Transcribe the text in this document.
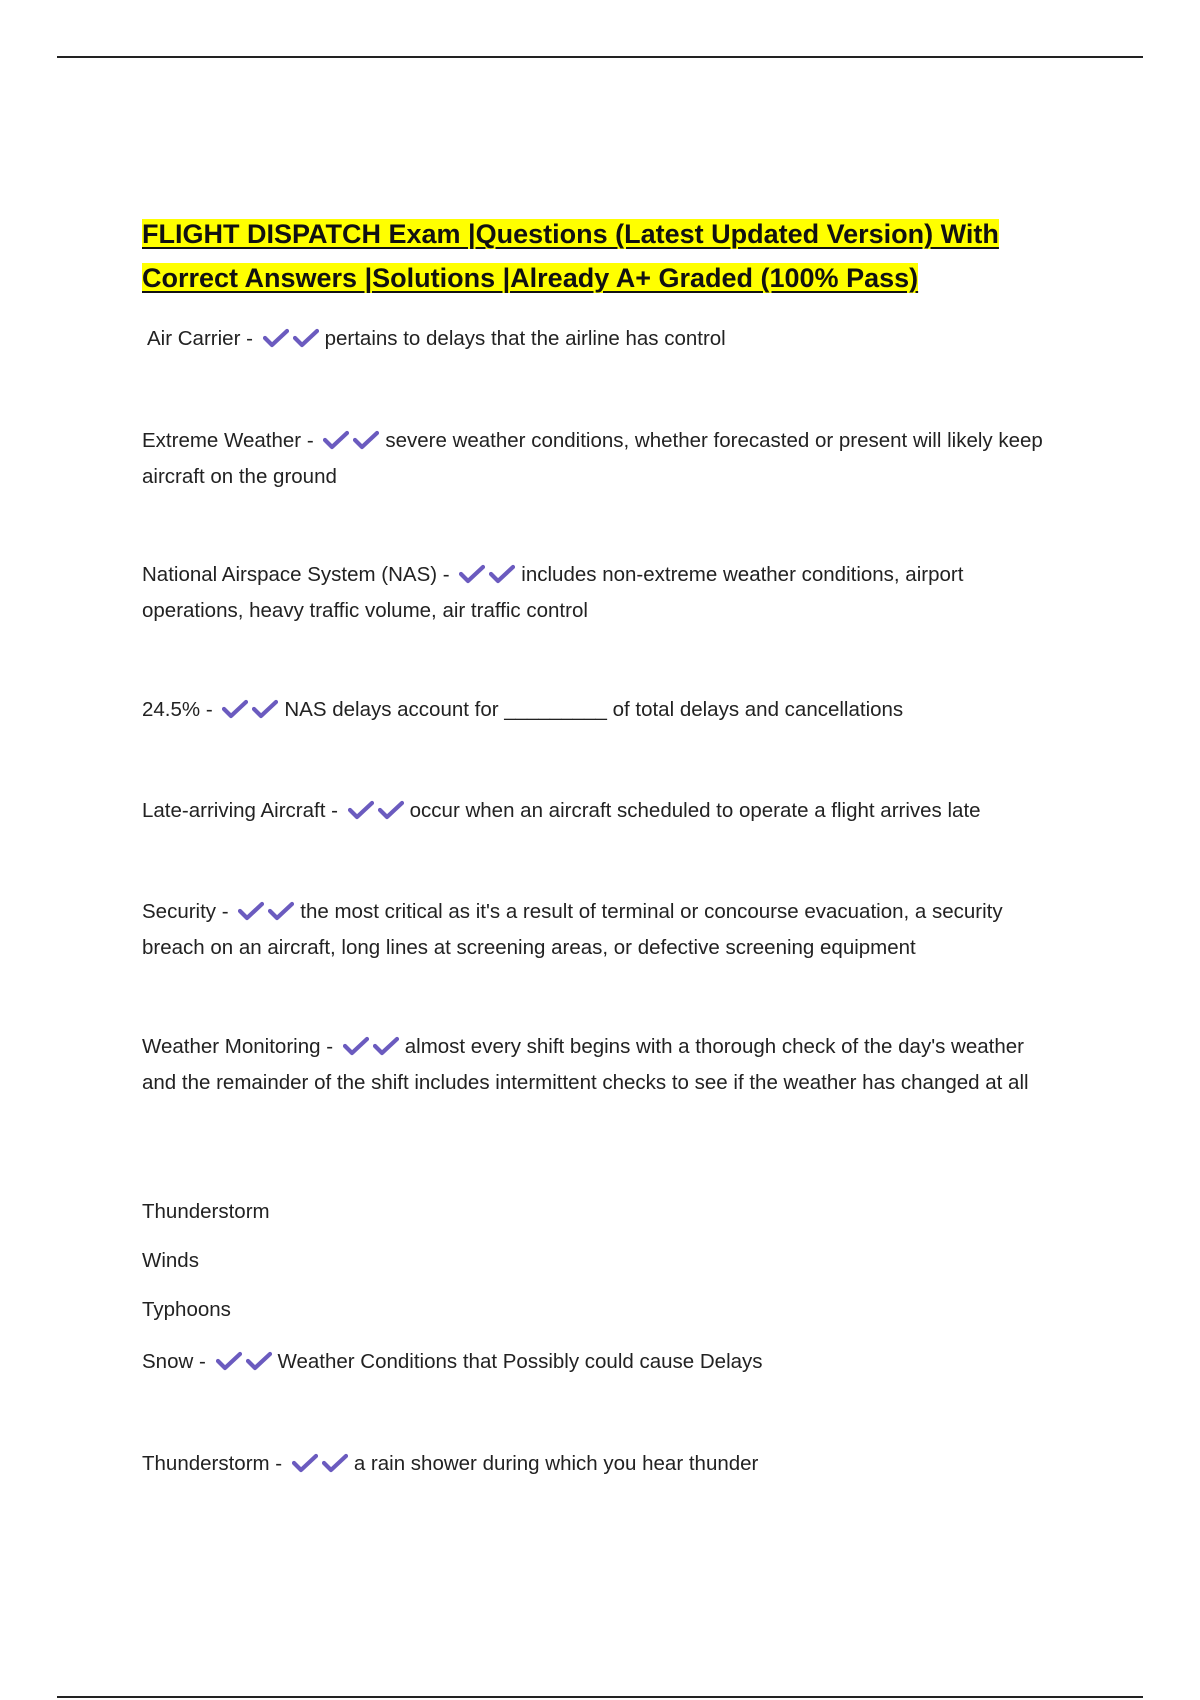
FLIGHT DISPATCH Exam |Questions (Latest Updated Version) With
Correct Answers |Solutions |Already A+ Graded (100% Pass)

Air Carrier -	pertains to delays that the airline has control

Extreme Weather -	severe weather conditions, whether forecasted or present will likely keep aircraft on the ground

National Airspace System (NAS) -	includes non-extreme weather conditions, airport operations, heavy traffic volume, air traffic control

24.5% -	NAS delays account for _________ of total delays and cancellations

Late-arriving Aircraft -	occur when an aircraft scheduled to operate a flight arrives late

Security -	the most critical as it's a result of terminal or concourse evacuation, a security breach on an aircraft, long lines at screening areas, or defective screening equipment

Weather Monitoring -	almost every shift begins with a thorough check of the day's weather and the remainder of the shift includes intermittent checks to see if the weather has changed at all

Thunderstorm

Winds

Typhoons

Snow -	Weather Conditions that Possibly could cause Delays

Thunderstorm -	a rain shower during which you hear thunder
